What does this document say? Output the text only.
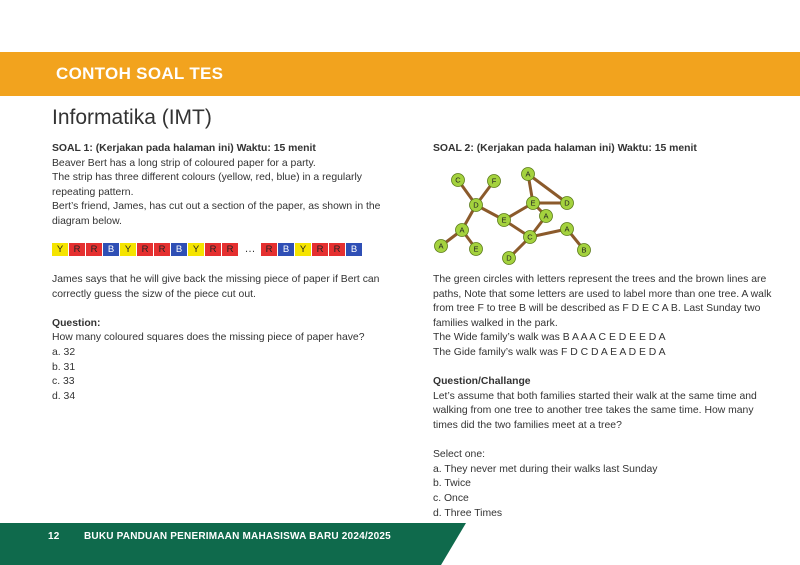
CONTOH SOAL TES
Informatika (IMT)

SOAL 1: (Kerjakan pada halaman ini) Waktu: 15 menit

Beaver Bert has a long strip of coloured paper for a party.

The strip has three different colours (yellow, red, blue) in a regularly repeating pattern.

Bert’s friend, James, has cut out a section of the paper, as shown in the diagram below.

Y	R	R	B	Y	R	R	B	Y	R	R	…	R	B	Y	R	R	B

James says that he will give back the missing piece of paper if Bert can correctly guess the sizw of the piece cut out.

Question:

How many coloured squares does the missing piece of paper have?

a. 32

b. 31

c. 33

d. 34

SOAL 2: (Kerjakan pada halaman ini) Waktu: 15 menit

C	F
A
D	E	D
E	A
C
A	A
E
D
B
A

The green circles with letters represent the trees and the brown lines are paths, Note that some letters are used to label more than one tree. A walk from tree F to tree B will be described as F D E C A B. Last Sunday two families walked in the park.

The Wide family’s walk was B A A A C E D E E D A

The Gide family’s walk was F D C D A E A D E D A

Question/Challange

Let’s assume that both families started their walk at the same time and walking from one tree to another tree takes the same time. How many times did the two families meet at a tree?

Select one:

a. They never met during their walks last Sunday

b. Twice

c. Once

d. Three Times

12 BUKU PANDUAN PENERIMAAN MAHASISWA BARU 2024/2025
